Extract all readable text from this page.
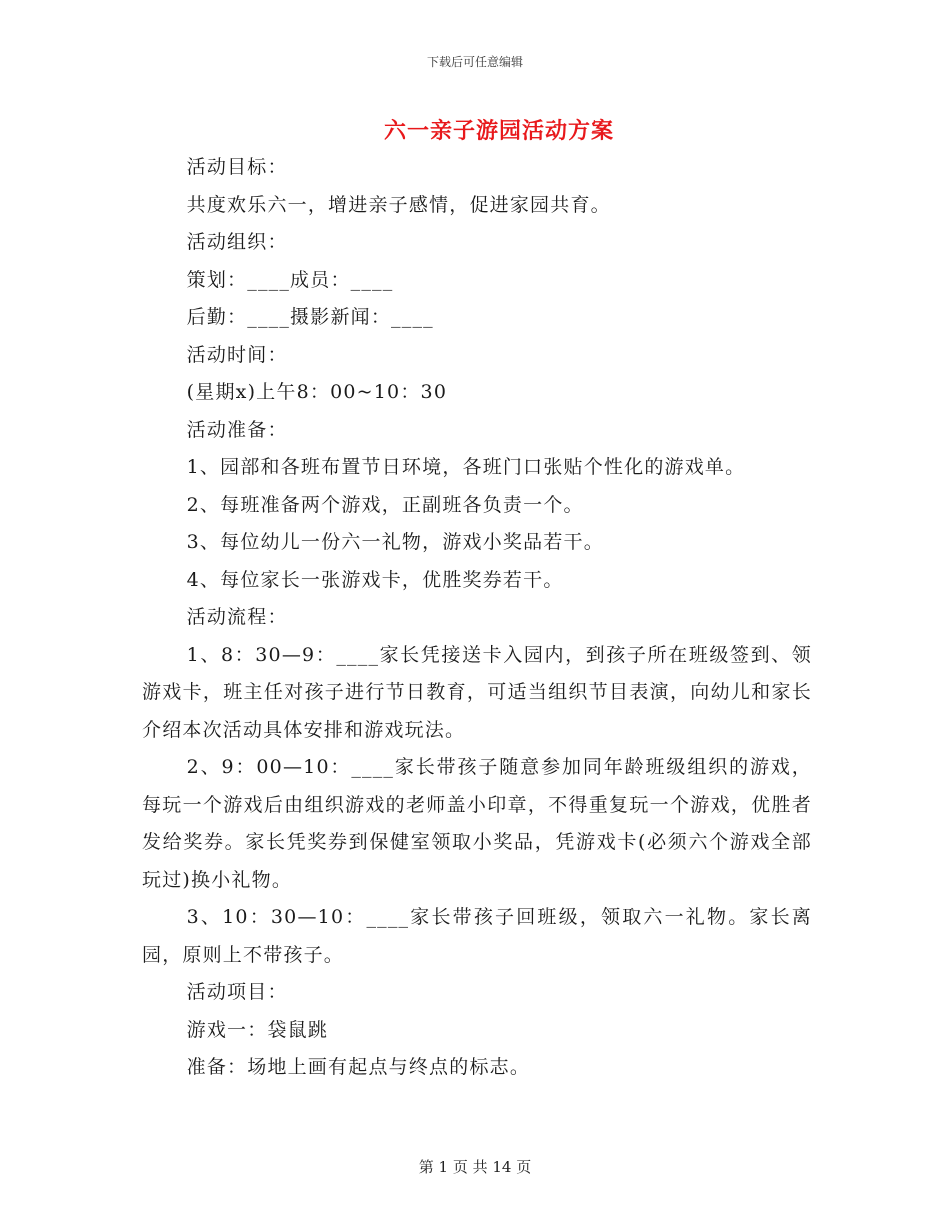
下载后可任意编辑
六一亲子游园活动方案

活动目标：

共度欢乐六一，增进亲子感情，促进家园共育。

活动组织：

策划：____成员：____

后勤：____摄影新闻：____

活动时间：

(星期x)上午8：00~10：30

活动准备：

1、园部和各班布置节日环境，各班门口张贴个性化的游戏单。

2、每班准备两个游戏，正副班各负责一个。

3、每位幼儿一份六一礼物，游戏小奖品若干。

4、每位家长一张游戏卡，优胜奖券若干。

活动流程：

1、8：30—9：____家长凭接送卡入园内，到孩子所在班级签到、领游戏卡，班主任对孩子进行节日教育，可适当组织节目表演，向幼儿和家长介绍本次活动具体安排和游戏玩法。

2、9：00—10：____家长带孩子随意参加同年龄班级组织的游戏，每玩一个游戏后由组织游戏的老师盖小印章，不得重复玩一个游戏，优胜者发给奖券。家长凭奖券到保健室领取小奖品，凭游戏卡(必须六个游戏全部玩过)换小礼物。

3、10：30—10：____家长带孩子回班级，领取六一礼物。家长离园，原则上不带孩子。

活动项目：

游戏一：袋鼠跳

准备：场地上画有起点与终点的标志。

第 1 页 共 14 页
